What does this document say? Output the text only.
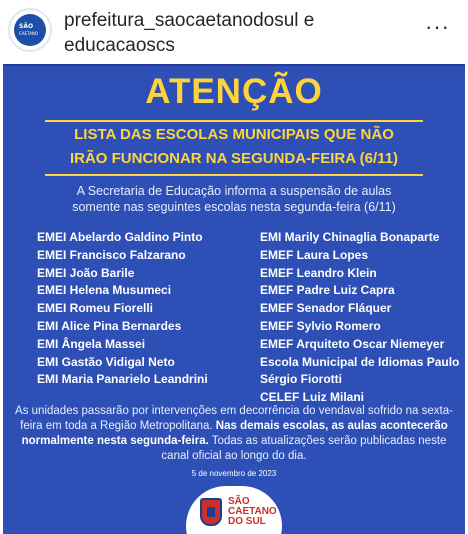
SÃO
CAETANO
prefeitura_saocaetanodosul e
educacaoscs
···
ATENÇÃO
LISTA DAS ESCOLAS MUNICIPAIS QUE NÃO
IRÃO FUNCIONAR NA SEGUNDA-FEIRA (6/11)
A Secretaria de Educação informa a suspensão de aulas
somente nas seguintes escolas nesta segunda-feira (6/11)
EMEI Abelardo Galdino Pinto
EMEI Francisco Falzarano
EMEI João Barile
EMEI Helena Musumeci
EMEI Romeu Fiorelli
EMI Alice Pina Bernardes
EMI Ângela Massei
EMI Gastão Vidigal Neto
EMI Maria Panarielo Leandrini
EMI Marily Chinaglia Bonaparte
EMEF Laura Lopes
EMEF Leandro Klein
EMEF Padre Luiz Capra
EMEF Senador Fláquer
EMEF Sylvio Romero
EMEF Arquiteto Oscar Niemeyer
Escola Municipal de Idiomas Paulo
Sérgio Fiorotti
CELEF Luiz Milani
As unidades passarão por intervenções em decorrência do vendaval sofrido na sexta-feira em toda a Região Metropolitana. Nas demais escolas, as aulas acontecerão normalmente nesta segunda-feira. Todas as atualizações serão publicadas neste canal oficial ao longo do dia.
5 de novembro de 2023
SÃO
CAETANO
DO SUL
